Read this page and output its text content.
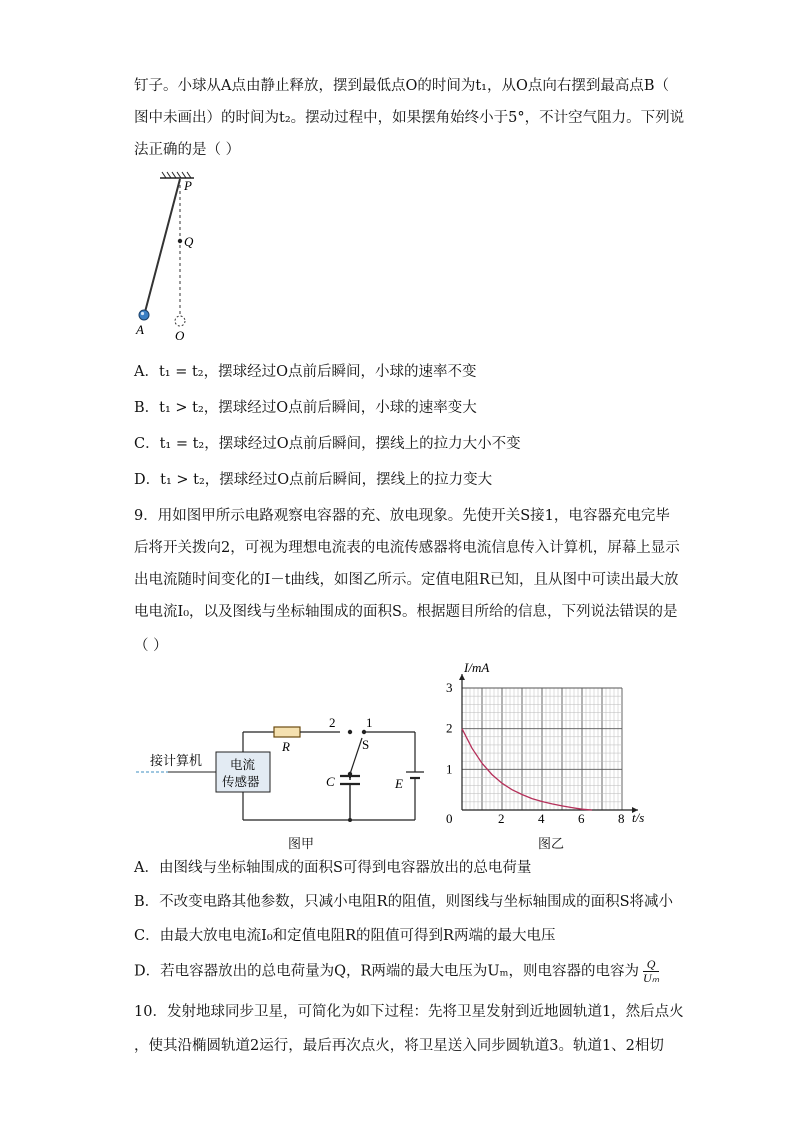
钉子。小球从A点由静止释放，摆到最低点O的时间为t₁，从O点向右摆到最高点B（
图中未画出）的时间为t₂。摆动过程中，如果摆角始终小于5°，不计空气阻力。下列说
法正确的是（ ）
P
Q
A O
A．t₁ = t₂，摆球经过O点前后瞬间，小球的速率不变
B．t₁ > t₂，摆球经过O点前后瞬间，小球的速率变大
C．t₁ = t₂，摆球经过O点前后瞬间，摆线上的拉力大小不变
D．t₁ > t₂，摆球经过O点前后瞬间，摆线上的拉力变大
9．用如图甲所示电路观察电容器的充、放电现象。先使开关S接1，电容器充电完毕
后将开关拨向2，可视为理想电流表的电流传感器将电流信息传入计算机，屏幕上显示
出电流随时间变化的I－t曲线，如图乙所示。定值电阻R已知，且从图中可读出最大放
电电流I₀，以及图线与坐标轴围成的面积S。根据题目所给的信息，下列说法错误的是
（ ）
接计算机 电流
传感器
R
2 1
S
C	E
图甲
0	2	4	6	8
1
2
3
I/mA
t/s
图乙
A．由图线与坐标轴围成的面积S可得到电容器放出的总电荷量
B．不改变电路其他参数，只减小电阻R的阻值，则图线与坐标轴围成的面积S将减小
C．由最大放电电流I₀和定值电阻R的阻值可得到R两端的最大电压
D．若电容器放出的总电荷量为Q，R两端的最大电压为Uₘ，则电容器的电容为 $\frac{Q}{\text{Uₘ}}$
10．发射地球同步卫星，可简化为如下过程：先将卫星发射到近地圆轨道1，然后点火
，使其沿椭圆轨道2运行，最后再次点火，将卫星送入同步圆轨道3。轨道1、2相切
